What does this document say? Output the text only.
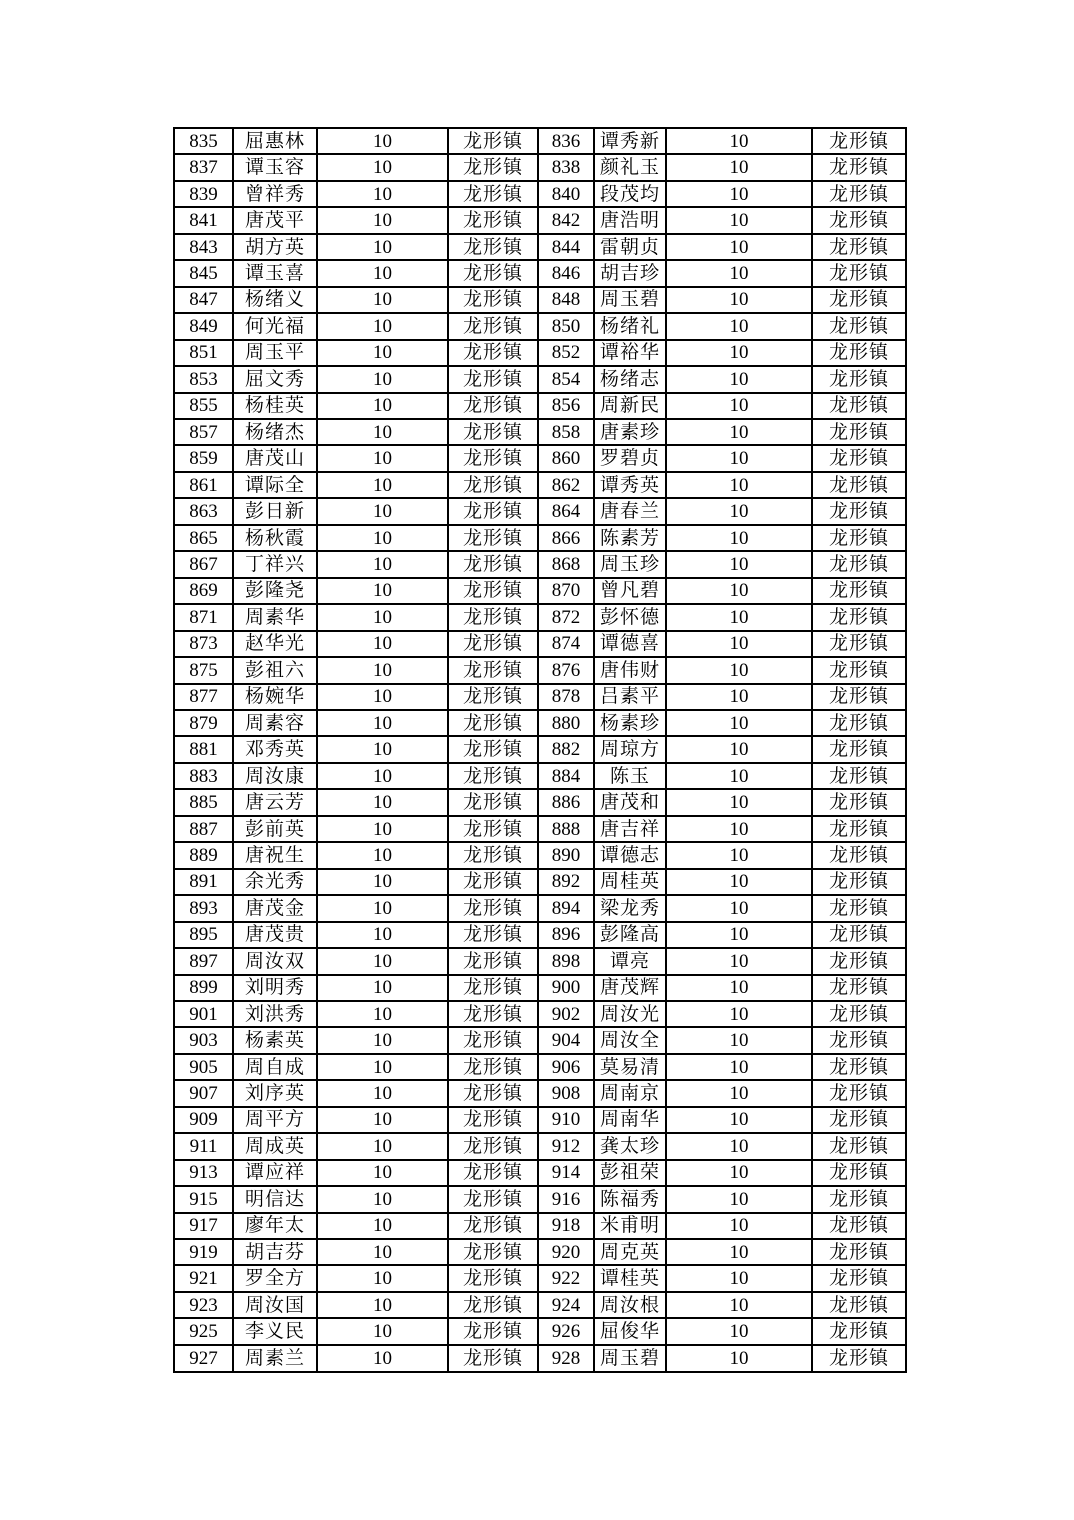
835	屈惠林	10	龙形镇	836	谭秀新	10	龙形镇
837	谭玉容	10	龙形镇	838	颜礼玉	10	龙形镇
839	曾祥秀	10	龙形镇	840	段茂均	10	龙形镇
841	唐茂平	10	龙形镇	842	唐浩明	10	龙形镇
843	胡方英	10	龙形镇	844	雷朝贞	10	龙形镇
845	谭玉喜	10	龙形镇	846	胡吉珍	10	龙形镇
847	杨绪义	10	龙形镇	848	周玉碧	10	龙形镇
849	何光福	10	龙形镇	850	杨绪礼	10	龙形镇
851	周玉平	10	龙形镇	852	谭裕华	10	龙形镇
853	屈文秀	10	龙形镇	854	杨绪志	10	龙形镇
855	杨桂英	10	龙形镇	856	周新民	10	龙形镇
857	杨绪杰	10	龙形镇	858	唐素珍	10	龙形镇
859	唐茂山	10	龙形镇	860	罗碧贞	10	龙形镇
861	谭际全	10	龙形镇	862	谭秀英	10	龙形镇
863	彭日新	10	龙形镇	864	唐春兰	10	龙形镇
865	杨秋霞	10	龙形镇	866	陈素芳	10	龙形镇
867	丁祥兴	10	龙形镇	868	周玉珍	10	龙形镇
869	彭隆尧	10	龙形镇	870	曾凡碧	10	龙形镇
871	周素华	10	龙形镇	872	彭怀德	10	龙形镇
873	赵华光	10	龙形镇	874	谭德喜	10	龙形镇
875	彭祖六	10	龙形镇	876	唐伟财	10	龙形镇
877	杨婉华	10	龙形镇	878	吕素平	10	龙形镇
879	周素容	10	龙形镇	880	杨素珍	10	龙形镇
881	邓秀英	10	龙形镇	882	周琼方	10	龙形镇
883	周汝康	10	龙形镇	884	陈玉	10	龙形镇
885	唐云芳	10	龙形镇	886	唐茂和	10	龙形镇
887	彭前英	10	龙形镇	888	唐吉祥	10	龙形镇
889	唐祝生	10	龙形镇	890	谭德志	10	龙形镇
891	余光秀	10	龙形镇	892	周桂英	10	龙形镇
893	唐茂金	10	龙形镇	894	梁龙秀	10	龙形镇
895	唐茂贵	10	龙形镇	896	彭隆高	10	龙形镇
897	周汝双	10	龙形镇	898	谭亮	10	龙形镇
899	刘明秀	10	龙形镇	900	唐茂辉	10	龙形镇
901	刘洪秀	10	龙形镇	902	周汝光	10	龙形镇
903	杨素英	10	龙形镇	904	周汝全	10	龙形镇
905	周自成	10	龙形镇	906	莫易清	10	龙形镇
907	刘序英	10	龙形镇	908	周南京	10	龙形镇
909	周平方	10	龙形镇	910	周南华	10	龙形镇
911	周成英	10	龙形镇	912	龚太珍	10	龙形镇
913	谭应祥	10	龙形镇	914	彭祖荣	10	龙形镇
915	明信达	10	龙形镇	916	陈福秀	10	龙形镇
917	廖年太	10	龙形镇	918	米甫明	10	龙形镇
919	胡吉芬	10	龙形镇	920	周克英	10	龙形镇
921	罗全方	10	龙形镇	922	谭桂英	10	龙形镇
923	周汝国	10	龙形镇	924	周汝根	10	龙形镇
925	李义民	10	龙形镇	926	屈俊华	10	龙形镇
927	周素兰	10	龙形镇	928	周玉碧	10	龙形镇
